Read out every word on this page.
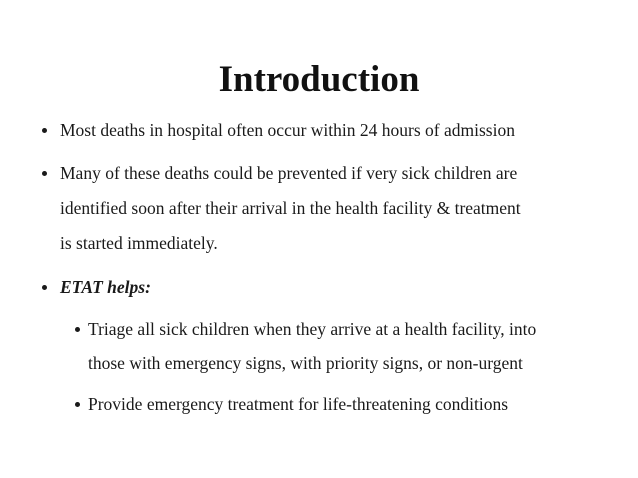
Introduction
Most deaths in hospital often occur within 24 hours of admission
Many of these deaths could be prevented if very sick children are
identified soon after their arrival in the health facility & treatment
is started immediately.
ETAT helps:
Triage all sick children when they arrive at a health facility, into
those with emergency signs, with priority signs, or non-urgent
Provide emergency treatment for life-threatening conditions
